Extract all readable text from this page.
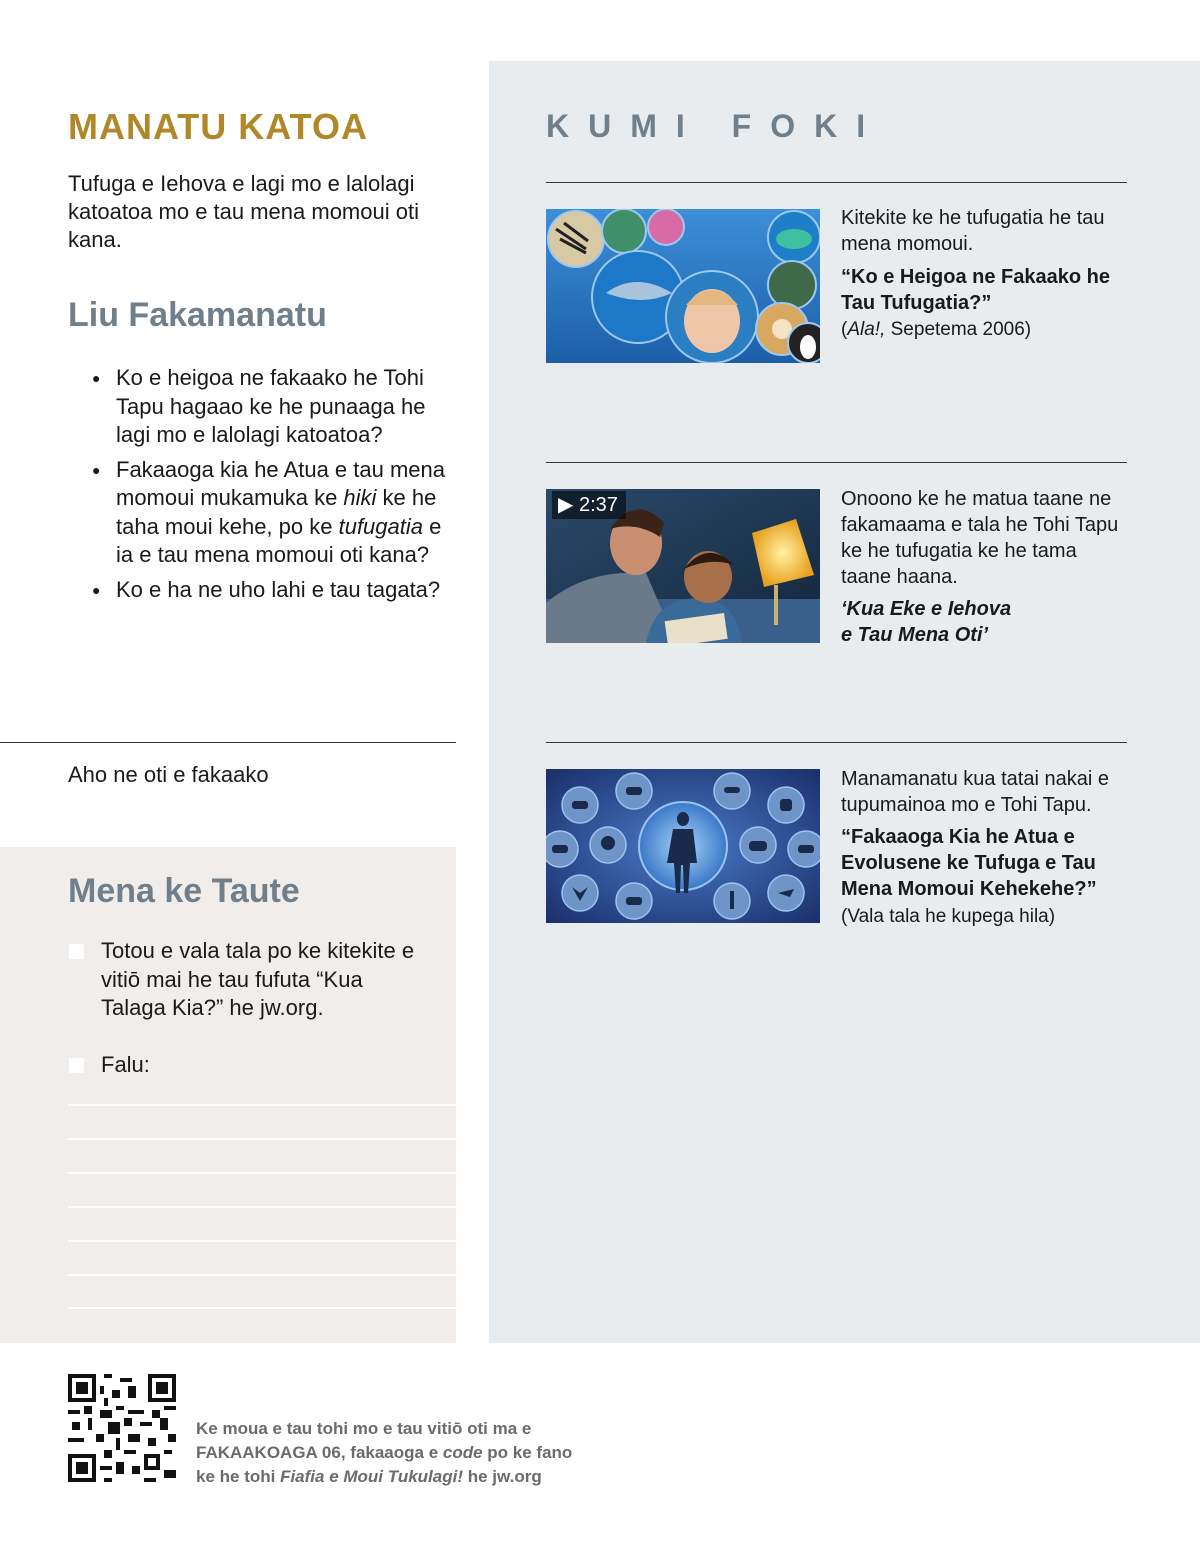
MANATU KATOA
Tufuga e Iehova e lagi mo e lalolagi katoatoa mo e tau mena momoui oti kana.
Liu Fakamanatu
● Ko e heigoa ne fakaako he Tohi Tapu hagaao ke he punaaga he lagi mo e lalolagi katoatoa?
● Fakaaoga kia he Atua e tau mena momoui mukamuka ke hiki ke he taha moui kehe, po ke tufugatia e ia e tau mena momoui oti kana?
● Ko e ha ne uho lahi e tau tagata?
Aho ne oti e fakaako
Mena ke Taute
Totou e vala tala po ke kitekite e vitiō mai he tau fufuta “Kua Talaga Kia?” he jw.org.
Falu:
KUMI FOKI
Kitekite ke he tufugatia he tau mena momoui.
“Ko e Heigoa ne Fakaako he Tau Tufugatia?”
(Ala!, Sepetema 2006)
▶ 2:37	Onoono ke he matua taane ne fakamaama e tala he Tohi Tapu ke he tufugatia ke he tama taane haana.
‘Kua Eke e Iehova e Tau Mena Oti’
Manamanatu kua tatai nakai e tupumainoa mo e Tohi Tapu.
“Fakaaoga Kia he Atua e Evolusene ke Tufuga e Tau Mena Momoui Kehekehe?” (Vala tala he kupega hila)
Ke moua e tau tohi mo e tau vitiō oti ma e
FAKAAKOAGA 06, fakaaoga e code po ke fano
ke he tohi Fiafia e Moui Tukulagi! he jw.org
